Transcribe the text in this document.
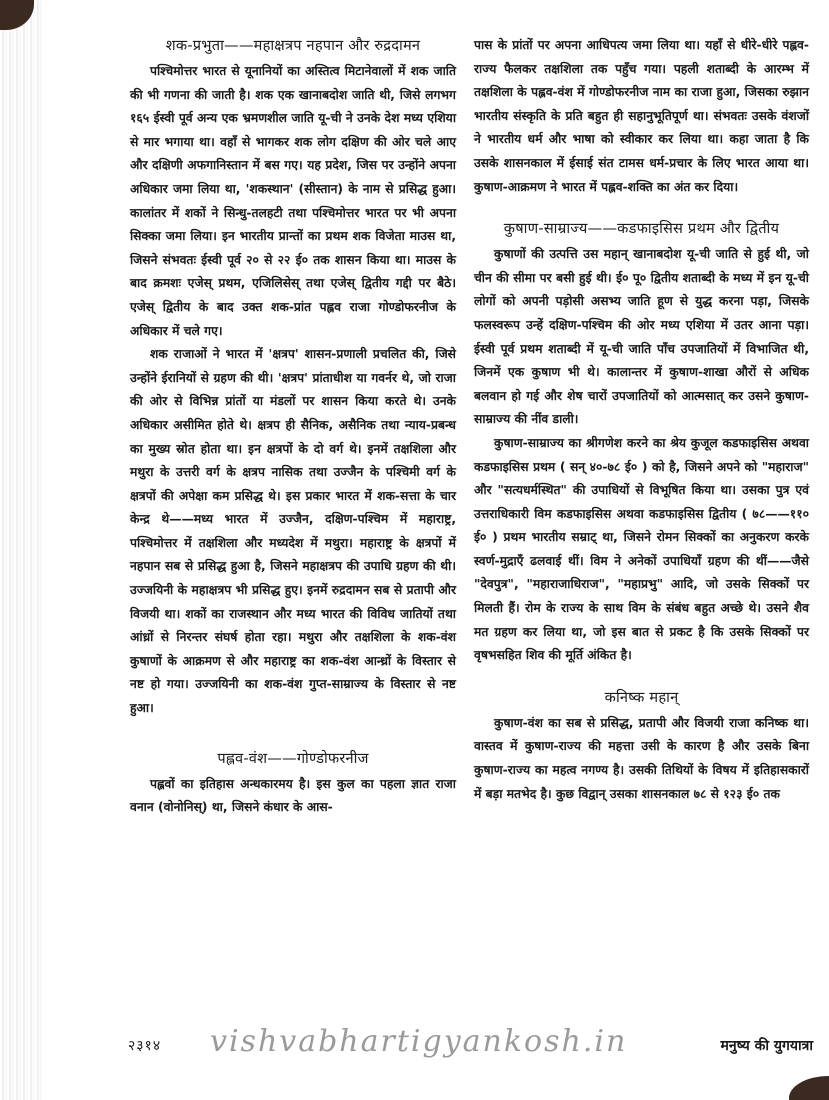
शक-प्रभुता——महाक्षत्रप नहपान और रुद्रदामन

पश्चिमोत्तर भारत से यूनानियों का अस्तित्व मिटानेवालों में शक जाति की भी गणना की जाती है। शक एक खानाबदोश जाति थी, जिसे लगभग १६५ ईस्वी पूर्व अन्य एक भ्रमणशील जाति यू-ची ने उनके देश मध्य एशिया से मार भगाया था। वहाँ से भागकर शक लोग दक्षिण की ओर चले आए और दक्षिणी अफगानिस्तान में बस गए। यह प्रदेश, जिस पर उन्होंने अपना अधिकार जमा लिया था, 'शकस्थान' (सीस्तान) के नाम से प्रसिद्ध हुआ। कालांतर में शकों ने सिन्धु-तलहटी तथा पश्चिमोत्तर भारत पर भी अपना सिक्का जमा लिया। इन भारतीय प्रान्तों का प्रथम शक विजेता माउस था, जिसने संभवतः ईस्वी पूर्व २० से २२ ई० तक शासन किया था। माउस के बाद क्रमशः एजेस् प्रथम, एजिलिसेस् तथा एजेस् द्वितीय गद्दी पर बैठे। एजेस् द्वितीय के बाद उक्त शक-प्रांत पह्लव राजा गोण्डोफरनीज के अधिकार में चले गए।

शक राजाओं ने भारत में 'क्षत्रप' शासन-प्रणाली प्रचलित की, जिसे उन्होंने ईरानियों से ग्रहण की थी। 'क्षत्रप' प्रांताधीश या गवर्नर थे, जो राजा की ओर से विभिन्न प्रांतों या मंडलों पर शासन किया करते थे। उनके अधिकार असीमित होते थे। क्षत्रप ही सैनिक, असैनिक तथा न्याय-प्रबन्ध का मुख्य स्रोत होता था। इन क्षत्रपों के दो वर्ग थे। इनमें तक्षशिला और मथुरा के उत्तरी वर्ग के क्षत्रप नासिक तथा उज्जैन के पश्चिमी वर्ग के क्षत्रपों की अपेक्षा कम प्रसिद्ध थे। इस प्रकार भारत में शक-सत्ता के चार केन्द्र थे——मध्य भारत में उज्जैन, दक्षिण-पश्चिम में महाराष्ट्र, पश्चिमोत्तर में तक्षशिला और मध्यदेश में मथुरा। महाराष्ट्र के क्षत्रपों में नहपान सब से प्रसिद्ध हुआ है, जिसने महाक्षत्रप की उपाधि ग्रहण की थी। उज्जयिनी के महाक्षत्रप भी प्रसिद्ध हुए। इनमें रुद्रदामन सब से प्रतापी और विजयी था। शकों का राजस्थान और मध्य भारत की विविध जातियों तथा आंध्रों से निरन्तर संघर्ष होता रहा। मथुरा और तक्षशिला के शक-वंश कुषाणों के आक्रमण से और महाराष्ट्र का शक-वंश आन्ध्रों के विस्तार से नष्ट हो गया। उज्जयिनी का शक-वंश गुप्त-साम्राज्य के विस्तार से नष्ट हुआ।

पह्लव-वंश——गोण्डोफरनीज

पह्लवों का इतिहास अन्धकारमय है। इस कुल का पहला ज्ञात राजा वनान (वोनोनिस्) था, जिसने कंधार के आस-

पास के प्रांतों पर अपना आधिपत्य जमा लिया था। यहाँ से धीरे-धीरे पह्लव-राज्य फैलकर तक्षशिला तक पहुँच गया। पहली शताब्दी के आरम्भ में तक्षशिला के पह्लव-वंश में गोण्डोफरनीज नाम का राजा हुआ, जिसका रुझान भारतीय संस्कृति के प्रति बहुत ही सहानुभूतिपूर्ण था। संभवतः उसके वंशजों ने भारतीय धर्म और भाषा को स्वीकार कर लिया था। कहा जाता है कि उसके शासनकाल में ईसाई संत टामस धर्म-प्रचार के लिए भारत आया था। कुषाण-आक्रमण ने भारत में पह्लव-शक्ति का अंत कर दिया।

कुषाण-साम्राज्य——कडफाइसिस प्रथम और द्वितीय

कुषाणों की उत्पत्ति उस महान् खानाबदोश यू-ची जाति से हुई थी, जो चीन की सीमा पर बसी हुई थी। ई० पू० द्वितीय शताब्दी के मध्य में इन यू-ची लोगों को अपनी पड़ोसी असभ्य जाति हूण से युद्ध करना पड़ा, जिसके फलस्वरूप उन्हें दक्षिण-पश्चिम की ओर मध्य एशिया में उतर आना पड़ा। ईस्वी पूर्व प्रथम शताब्दी में यू-ची जाति पाँच उपजातियों में विभाजित थी, जिनमें एक कुषाण भी थे। कालान्तर में कुषाण-शाखा औरों से अधिक बलवान हो गई और शेष चारों उपजातियों को आत्मसात् कर उसने कुषाण-साम्राज्य की नींव डाली।

कुषाण-साम्राज्य का श्रीगणेश करने का श्रेय कुजूल कडफाइसिस अथवा कडफाइसिस प्रथम ( सन् ४०-७८ ई० ) को है, जिसने अपने को "महाराज" और "सत्यधर्मस्थित" की उपाधियों से विभूषित किया था। उसका पुत्र एवं उत्तराधिकारी विम कडफाइसिस अथवा कडफाइसिस द्वितीय ( ७८——११० ई० ) प्रथम भारतीय सम्राट् था, जिसने रोमन सिक्कों का अनुकरण करके स्वर्ण-मुद्राएँ ढलवाई थीं। विम ने अनेकों उपाधियाँ ग्रहण की थीं——जैसे "देवपुत्र", "महाराजाधिराज", "महाप्रभु" आदि, जो उसके सिक्कों पर मिलती हैं। रोम के राज्य के साथ विम के संबंध बहुत अच्छे थे। उसने शैव मत ग्रहण कर लिया था, जो इस बात से प्रकट है कि उसके सिक्कों पर वृषभसहित शिव की मूर्ति अंकित है।

कनिष्क महान्

कुषाण-वंश का सब से प्रसिद्ध, प्रतापी और विजयी राजा कनिष्क था। वास्तव में कुषाण-राज्य की महत्ता उसी के कारण है और उसके बिना कुषाण-राज्य का महत्व नगण्य है। उसकी तिथियों के विषय में इतिहासकारों में बड़ा मतभेद है। कुछ विद्वान् उसका शासनकाल ७८ से १२३ ई० तक

२३१४ vishvabhartigyankosh.in	मनुष्य की युगयात्रा
